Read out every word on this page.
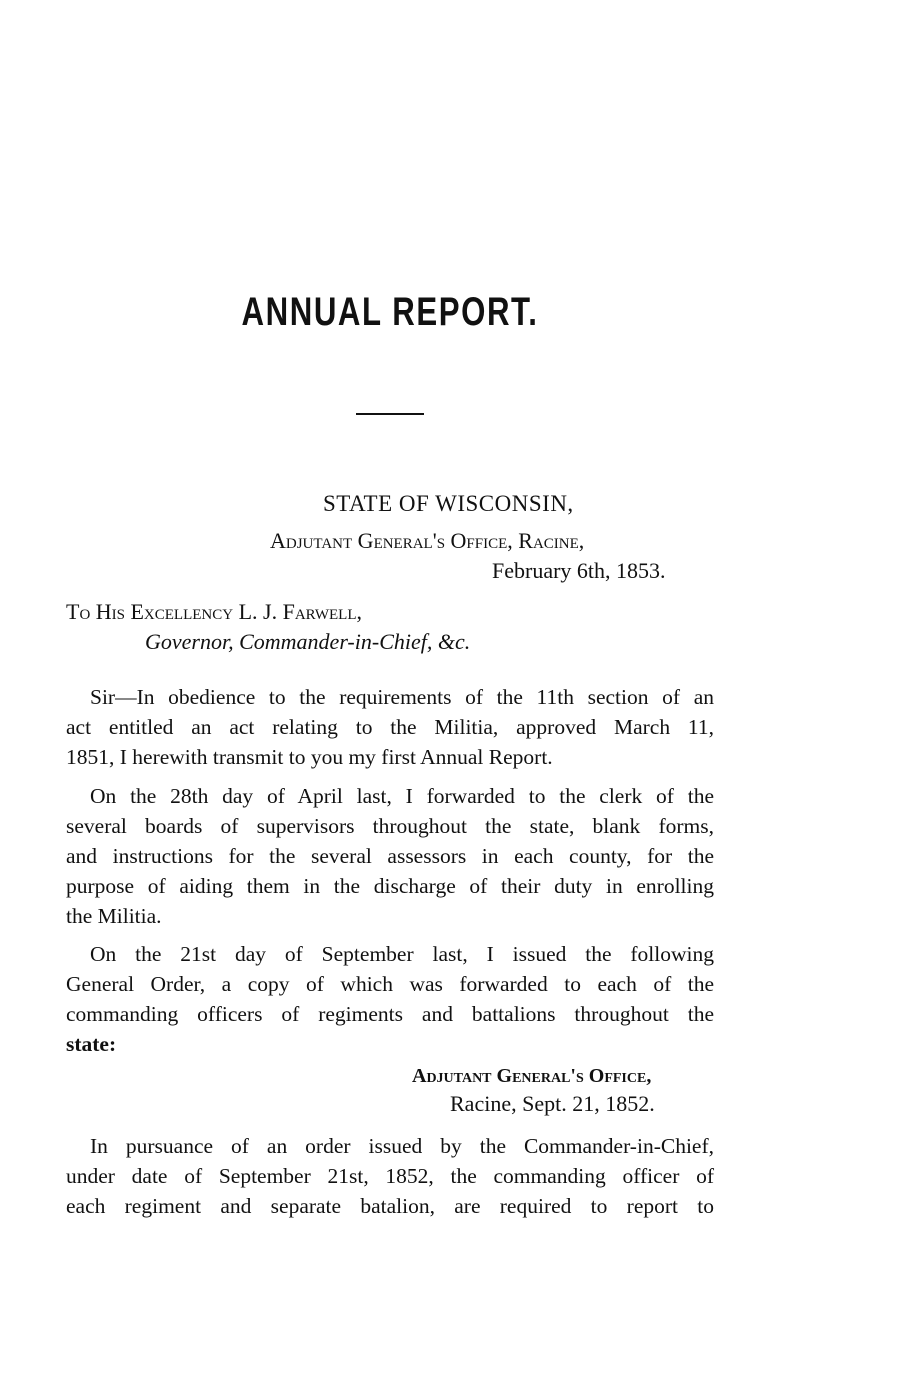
ANNUAL REPORT.
STATE OF WISCONSIN,
Adjutant General's Office, Racine,
February 6th, 1853.
To His Excellency L. J. Farwell,
Governor, Commander-in-Chief, &c.
Sir—In obedience to the requirements of the 11th section of an
act entitled an act relating to the Militia, approved March 11,
1851, I herewith transmit to you my first Annual Report.
On the 28th day of April last, I forwarded to the clerk of the
several boards of supervisors throughout the state, blank forms,
and instructions for the several assessors in each county, for the
purpose of aiding them in the discharge of their duty in enrolling
the Militia.
On the 21st day of September last, I issued the following
General Order, a copy of which was forwarded to each of the
commanding officers of regiments and battalions throughout the
state:
Adjutant General's Office,
Racine, Sept. 21, 1852.
In pursuance of an order issued by the Commander-in-Chief,
under date of September 21st, 1852, the commanding officer of
each regiment and separate batalion, are required to report to
